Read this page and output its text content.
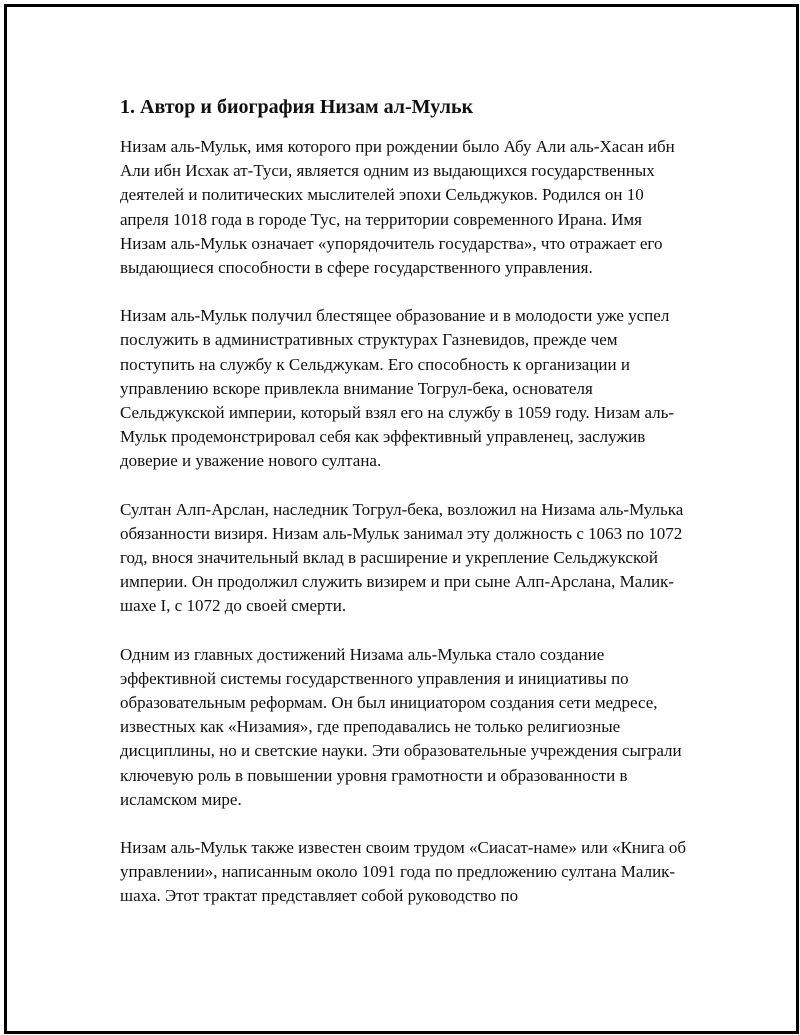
1. Автор и биография Низам ал-Мульк

Низам аль-Мульк, имя которого при рождении было Абу Али аль-Хасан ибн Али ибн Исхак ат-Туси, является одним из выдающихся государственных деятелей и политических мыслителей эпохи Сельджуков. Родился он 10 апреля 1018 года в городе Тус, на территории современного Ирана. Имя Низам аль-Мульк означает «упорядочитель государства», что отражает его выдающиеся способности в сфере государственного управления.

Низам аль-Мульк получил блестящее образование и в молодости уже успел послужить в административных структурах Газневидов, прежде чем поступить на службу к Сельджукам. Его способность к организации и управлению вскоре привлекла внимание Тогрул-бека, основателя Сельджукской империи, который взял его на службу в 1059 году. Низам аль-Мульк продемонстрировал себя как эффективный управленец, заслужив доверие и уважение нового султана.

Султан Алп-Арслан, наследник Тогрул-бека, возложил на Низама аль-Мулька обязанности визиря. Низам аль-Мульк занимал эту должность с 1063 по 1072 год, внося значительный вклад в расширение и укрепление Сельджукской империи. Он продолжил служить визирем и при сыне Алп-Арслана, Малик-шахе I, с 1072 до своей смерти.

Одним из главных достижений Низама аль-Мулька стало создание эффективной системы государственного управления и инициативы по образовательным реформам. Он был инициатором создания сети медресе, известных как «Низамия», где преподавались не только религиозные дисциплины, но и светские науки. Эти образовательные учреждения сыграли ключевую роль в повышении уровня грамотности и образованности в исламском мире.

Низам аль-Мульк также известен своим трудом «Сиасат-наме» или «Книга об управлении», написанным около 1091 года по предложению султана Малик-шаха. Этот трактат представляет собой руководство по
